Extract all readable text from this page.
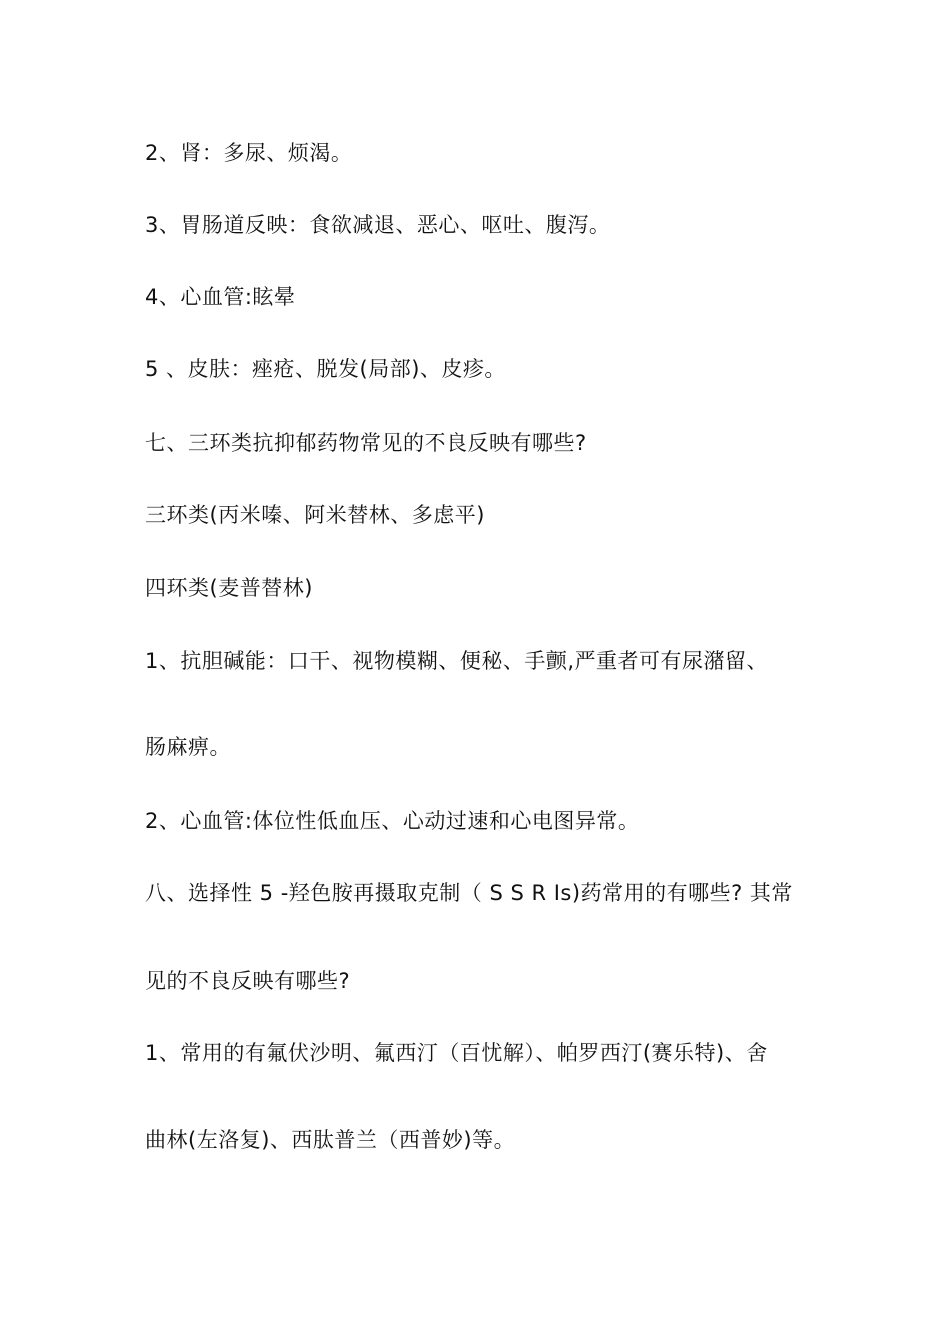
2、肾：多尿、烦渴。
3、胃肠道反映：食欲减退、恶心、呕吐、腹泻。
4、心血管:眩晕
5 、皮肤：痤疮、脱发(局部)、皮疹。
七、三环类抗抑郁药物常见的不良反映有哪些?
三环类(丙米嗪、阿米替林、多虑平)
四环类(麦普替林)
1、抗胆碱能：口干、视物模糊、便秘、手颤,严重者可有尿潴留、
肠麻痹。
2、心血管:体位性低血压、心动过速和心电图异常。
八、选择性 5 -羟色胺再摄取克制（ S S R Is)药常用的有哪些? 其常
见的不良反映有哪些?
1、常用的有氟伏沙明、氟西汀（百忧解）、帕罗西汀(赛乐特)、舍
曲林(左洛复)、西肽普兰（西普妙)等。
